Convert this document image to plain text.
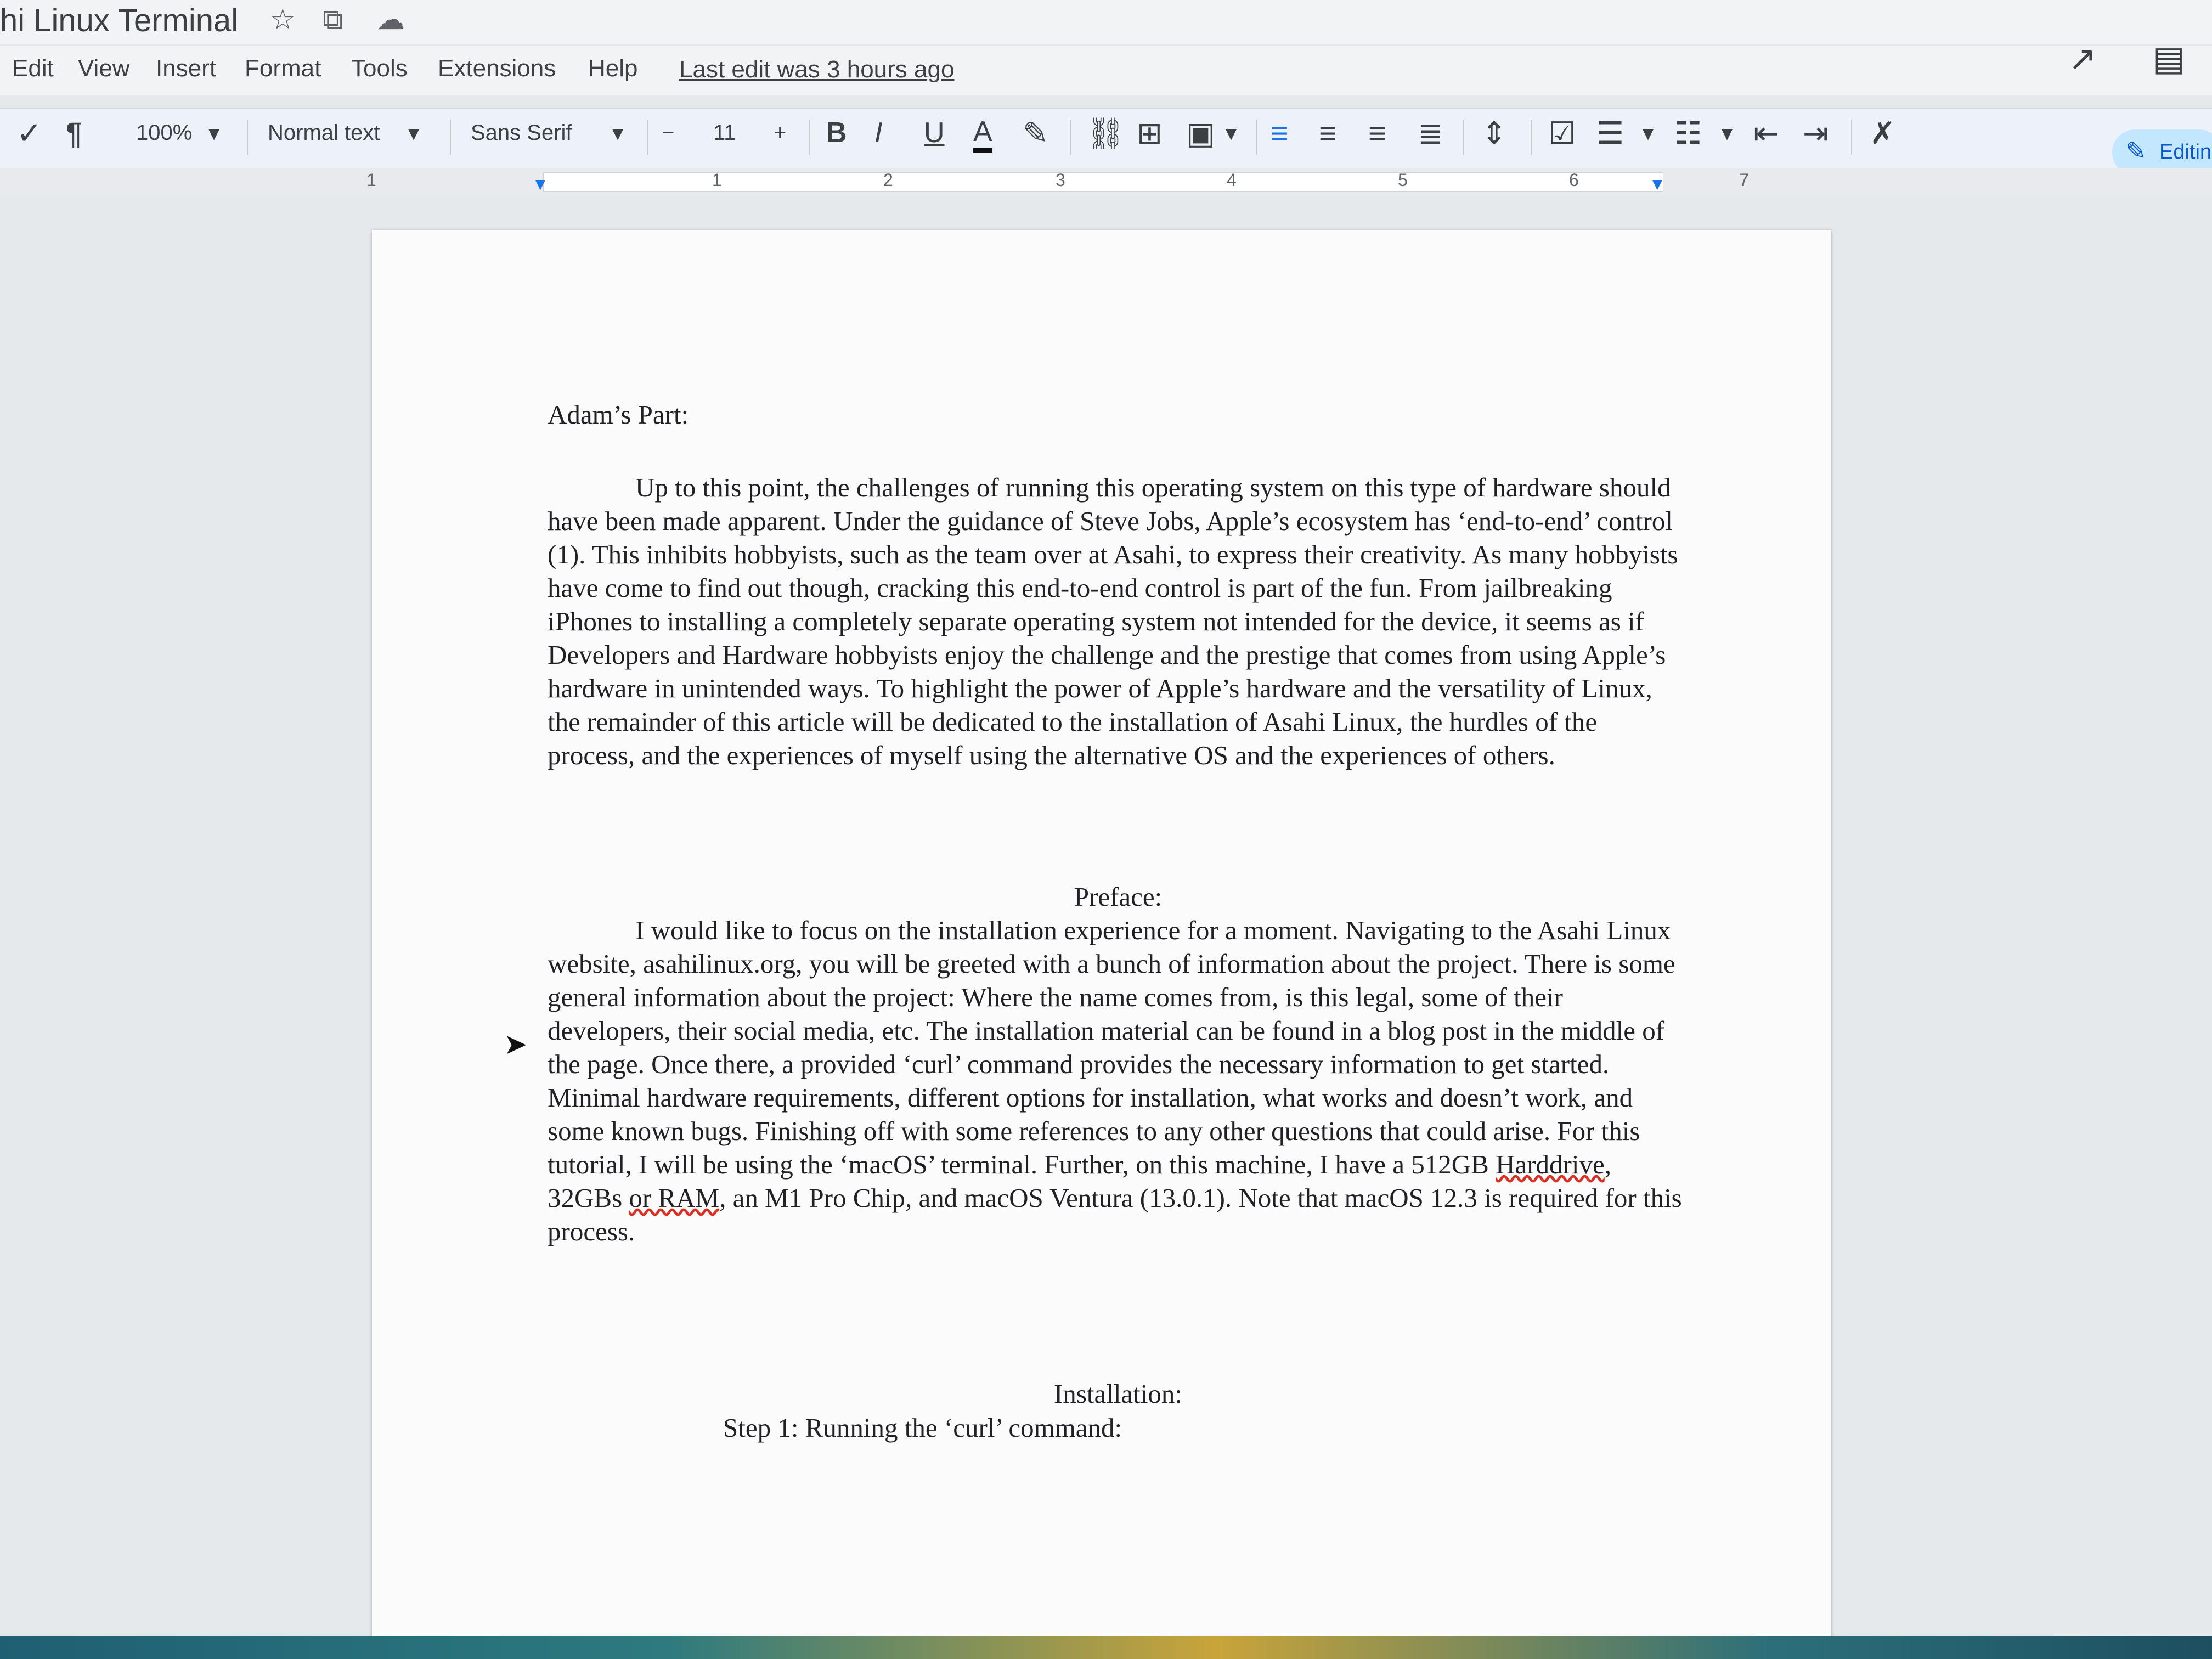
hi Linux Terminal ☆ ⧉ ☁
Edit View Insert Format Tools Extensions Help Last edit was 3 hours ago	↗ ▤
✓ ¶ 100% ▾ Normal text ▾ Sans Serif ▾ − 11 + B I U A ✎ ⛓ ⊞ ▣ ▾ ≡ ≡ ≡ ≣ ⇕ ☑ ☰ ▾ ☷ ▾ ⇤ ⇥ ✗
✎ Editin
1	▼	1	2	3	4	5	6	▼	7

Adam’s Part:

Up to this point, the challenges of running this operating system on this type of hardware should have been made apparent. Under the guidance of Steve Jobs, Apple’s ecosystem has ‘end-to-end’ control (1). This inhibits hobbyists, such as the team over at Asahi, to express their creativity. As many hobbyists have come to find out though, cracking this end-to-end control is part of the fun. From jailbreaking iPhones to installing a completely separate operating system not intended for the device, it seems as if Developers and Hardware hobbyists enjoy the challenge and the prestige that comes from using Apple’s hardware in unintended ways. To highlight the power of Apple’s hardware and the versatility of Linux, the remainder of this article will be dedicated to the installation of Asahi Linux, the hurdles of the process, and the experiences of myself using the alternative OS and the experiences of others.

Preface:

I would like to focus on the installation experience for a moment. Navigating to the Asahi Linux website, asahilinux.org, you will be greeted with a bunch of information about the project. There is some general information about the project: Where the name comes from, is this legal, some of their developers, their social media, etc. The installation material can be found in a blog post in the middle of the page. Once there, a provided ‘curl’ command provides the necessary information to get started. Minimal hardware requirements, different options for installation, what works and doesn’t work, and some known bugs. Finishing off with some references to any other questions that could arise. For this tutorial, I will be using the ‘macOS’ terminal. Further, on this machine, I have a 512GB Harddrive, 32GBs or RAM, an M1 Pro Chip, and macOS Ventura (13.0.1). Note that macOS 12.3 is required for this process.

Installation:

Step 1: Running the ‘curl’ command:

➤
